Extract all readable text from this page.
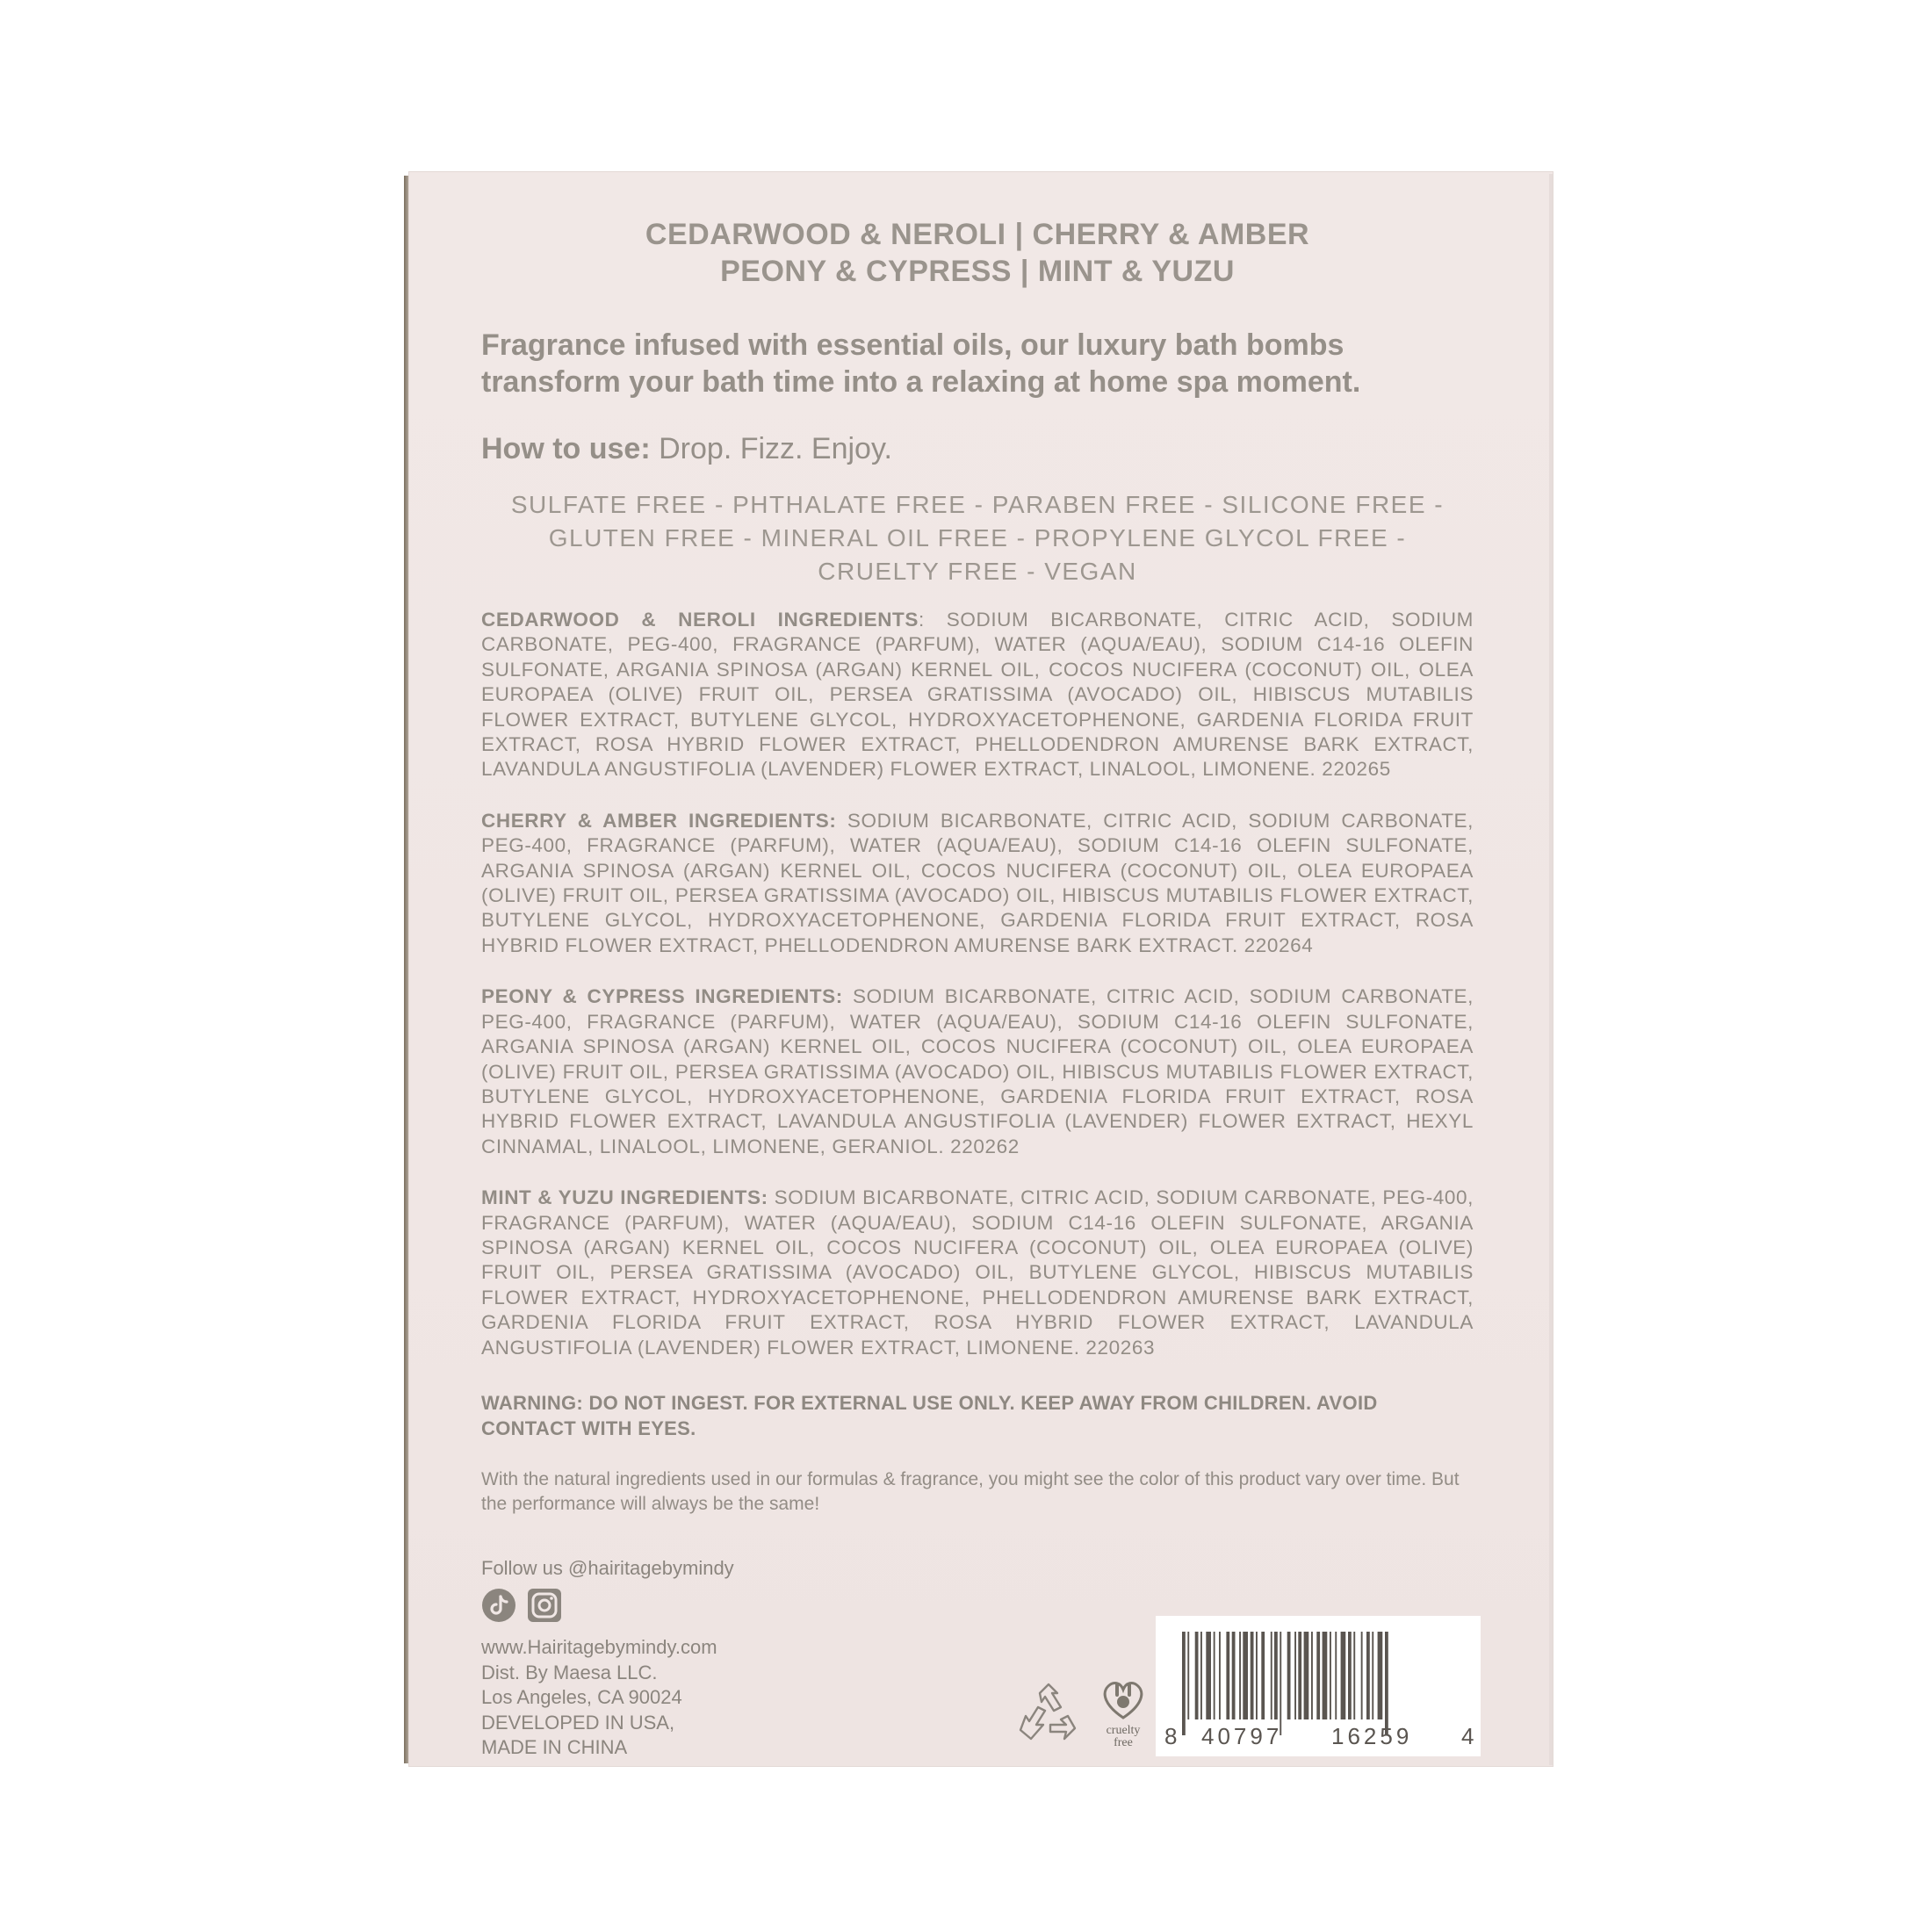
CEDARWOOD & NEROLI | CHERRY & AMBER
PEONY & CYPRESS | MINT & YUZU
Fragrance infused with essential oils, our luxury bath bombs transform your bath time into a relaxing at home spa moment.
How to use: Drop. Fizz. Enjoy.
SULFATE FREE - PHTHALATE FREE - PARABEN FREE - SILICONE FREE -
GLUTEN FREE - MINERAL OIL FREE - PROPYLENE GLYCOL FREE -
CRUELTY FREE - VEGAN
CEDARWOOD & NEROLI INGREDIENTS: SODIUM BICARBONATE, CITRIC ACID, SODIUM CARBONATE, PEG-400, FRAGRANCE (PARFUM), WATER (AQUA/EAU), SODIUM C14-16 OLEFIN SULFONATE, ARGANIA SPINOSA (ARGAN) KERNEL OIL, COCOS NUCIFERA (COCONUT) OIL, OLEA EUROPAEA (OLIVE) FRUIT OIL, PERSEA GRATISSIMA (AVOCADO) OIL, HIBISCUS MUTABILIS FLOWER EXTRACT, BUTYLENE GLYCOL, HYDROXYACETOPHENONE, GARDENIA FLORIDA FRUIT EXTRACT, ROSA HYBRID FLOWER EXTRACT, PHELLODENDRON AMURENSE BARK EXTRACT, LAVANDULA ANGUSTIFOLIA (LAVENDER) FLOWER EXTRACT, LINALOOL, LIMONENE. 220265
CHERRY & AMBER INGREDIENTS: SODIUM BICARBONATE, CITRIC ACID, SODIUM CARBONATE, PEG-400, FRAGRANCE (PARFUM), WATER (AQUA/EAU), SODIUM C14-16 OLEFIN SULFONATE, ARGANIA SPINOSA (ARGAN) KERNEL OIL, COCOS NUCIFERA (COCONUT) OIL, OLEA EUROPAEA (OLIVE) FRUIT OIL, PERSEA GRATISSIMA (AVOCADO) OIL, HIBISCUS MUTABILIS FLOWER EXTRACT, BUTYLENE GLYCOL, HYDROXYACETOPHENONE, GARDENIA FLORIDA FRUIT EXTRACT, ROSA HYBRID FLOWER EXTRACT, PHELLODENDRON AMURENSE BARK EXTRACT. 220264
PEONY & CYPRESS INGREDIENTS: SODIUM BICARBONATE, CITRIC ACID, SODIUM CARBONATE, PEG-400, FRAGRANCE (PARFUM), WATER (AQUA/EAU), SODIUM C14-16 OLEFIN SULFONATE, ARGANIA SPINOSA (ARGAN) KERNEL OIL, COCOS NUCIFERA (COCONUT) OIL, OLEA EUROPAEA (OLIVE) FRUIT OIL, PERSEA GRATISSIMA (AVOCADO) OIL, HIBISCUS MUTABILIS FLOWER EXTRACT, BUTYLENE GLYCOL, HYDROXYACETOPHENONE, GARDENIA FLORIDA FRUIT EXTRACT, ROSA HYBRID FLOWER EXTRACT, LAVANDULA ANGUSTIFOLIA (LAVENDER) FLOWER EXTRACT, HEXYL CINNAMAL, LINALOOL, LIMONENE, GERANIOL. 220262
MINT & YUZU INGREDIENTS: SODIUM BICARBONATE, CITRIC ACID, SODIUM CARBONATE, PEG-400, FRAGRANCE (PARFUM), WATER (AQUA/EAU), SODIUM C14-16 OLEFIN SULFONATE, ARGANIA SPINOSA (ARGAN) KERNEL OIL, COCOS NUCIFERA (COCONUT) OIL, OLEA EUROPAEA (OLIVE) FRUIT OIL, PERSEA GRATISSIMA (AVOCADO) OIL, BUTYLENE GLYCOL, HIBISCUS MUTABILIS FLOWER EXTRACT, HYDROXYACETOPHENONE, PHELLODENDRON AMURENSE BARK EXTRACT, GARDENIA FLORIDA FRUIT EXTRACT, ROSA HYBRID FLOWER EXTRACT, LAVANDULA ANGUSTIFOLIA (LAVENDER) FLOWER EXTRACT, LIMONENE. 220263
WARNING: DO NOT INGEST. FOR EXTERNAL USE ONLY. KEEP AWAY FROM CHILDREN. AVOID CONTACT WITH EYES.
With the natural ingredients used in our formulas & fragrance, you might see the color of this product vary over time. But the performance will always be the same!
Follow us @hairitagebymindy
www.Hairitagebymindy.com
Dist. By Maesa LLC.
Los Angeles, CA 90024
DEVELOPED IN USA,
MADE IN CHINA
cruelty
free 8 40797 16259 4
